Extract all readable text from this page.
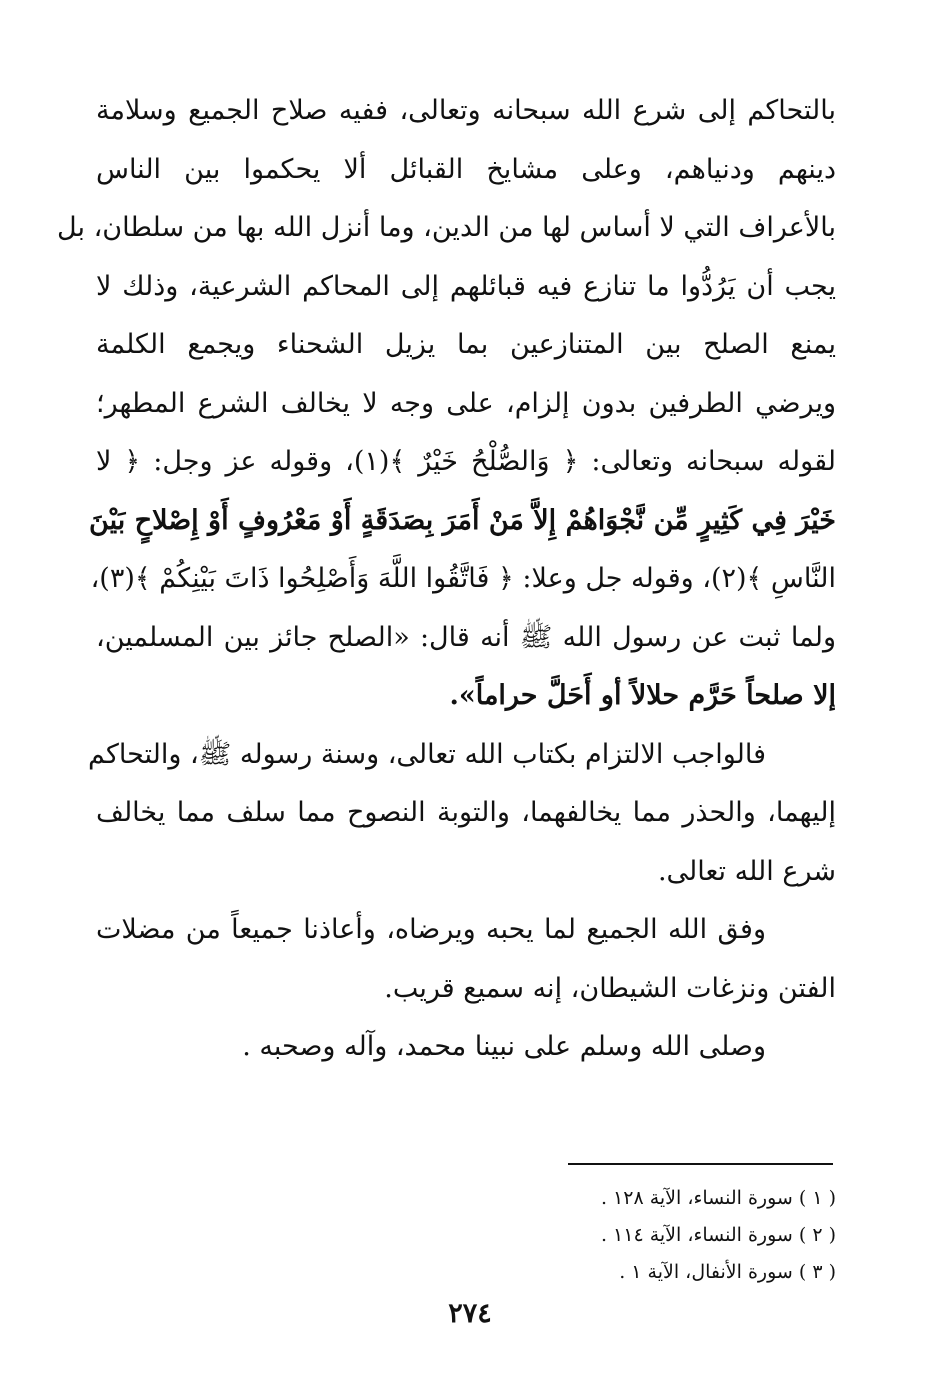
بالتحاكم إلى شرع الله سبحانه وتعالى، ففيه صلاح الجميع وسلامة
دينهم ودنياهم، وعلى مشايخ القبائل ألا يحكموا بين الناس
بالأعراف التي لا أساس لها من الدين، وما أنزل الله بها من سلطان، بل
يجب أن يَرُدُّوا ما تنازع فيه قبائلهم إلى المحاكم الشرعية، وذلك لا
يمنع الصلح بين المتنازعين بما يزيل الشحناء ويجمع الكلمة
ويرضي الطرفين بدون إلزام، على وجه لا يخالف الشرع المطهر؛
لقوله سبحانه وتعالى: ﴿ وَالصُّلْحُ خَيْرٌ ﴾(١)، وقوله عز وجل: ﴿ لا
خَيْرَ فِي كَثِيرٍ مِّن نَّجْوَاهُمْ إِلاَّ مَنْ أَمَرَ بِصَدَقَةٍ أَوْ مَعْرُوفٍ أَوْ إِصْلاحٍ بَيْنَ
النَّاسِ ﴾(٢)، وقوله جل وعلا: ﴿ فَاتَّقُوا اللَّهَ وَأَصْلِحُوا ذَاتَ بَيْنِكُمْ ﴾(٣)،
ولما ثبت عن رسول الله ﷺ أنه قال: «الصلح جائز بين المسلمين،
إلا صلحاً حَرَّم حلالاً أو أَحَلَّ حراماً».
فالواجب الالتزام بكتاب الله تعالى، وسنة رسوله ﷺ، والتحاكم
إليهما، والحذر مما يخالفهما، والتوبة النصوح مما سلف مما يخالف
شرع الله تعالى.
وفق الله الجميع لما يحبه ويرضاه، وأعاذنا جميعاً من مضلات
الفتن ونزغات الشيطان، إنه سميع قريب.
وصلى الله وسلم على نبينا محمد، وآله وصحبه .
( ١ ) سورة النساء، الآية ١٢٨ .
( ٢ ) سورة النساء، الآية ١١٤ .
( ٣ ) سورة الأنفال، الآية ١ .
٢٧٤
